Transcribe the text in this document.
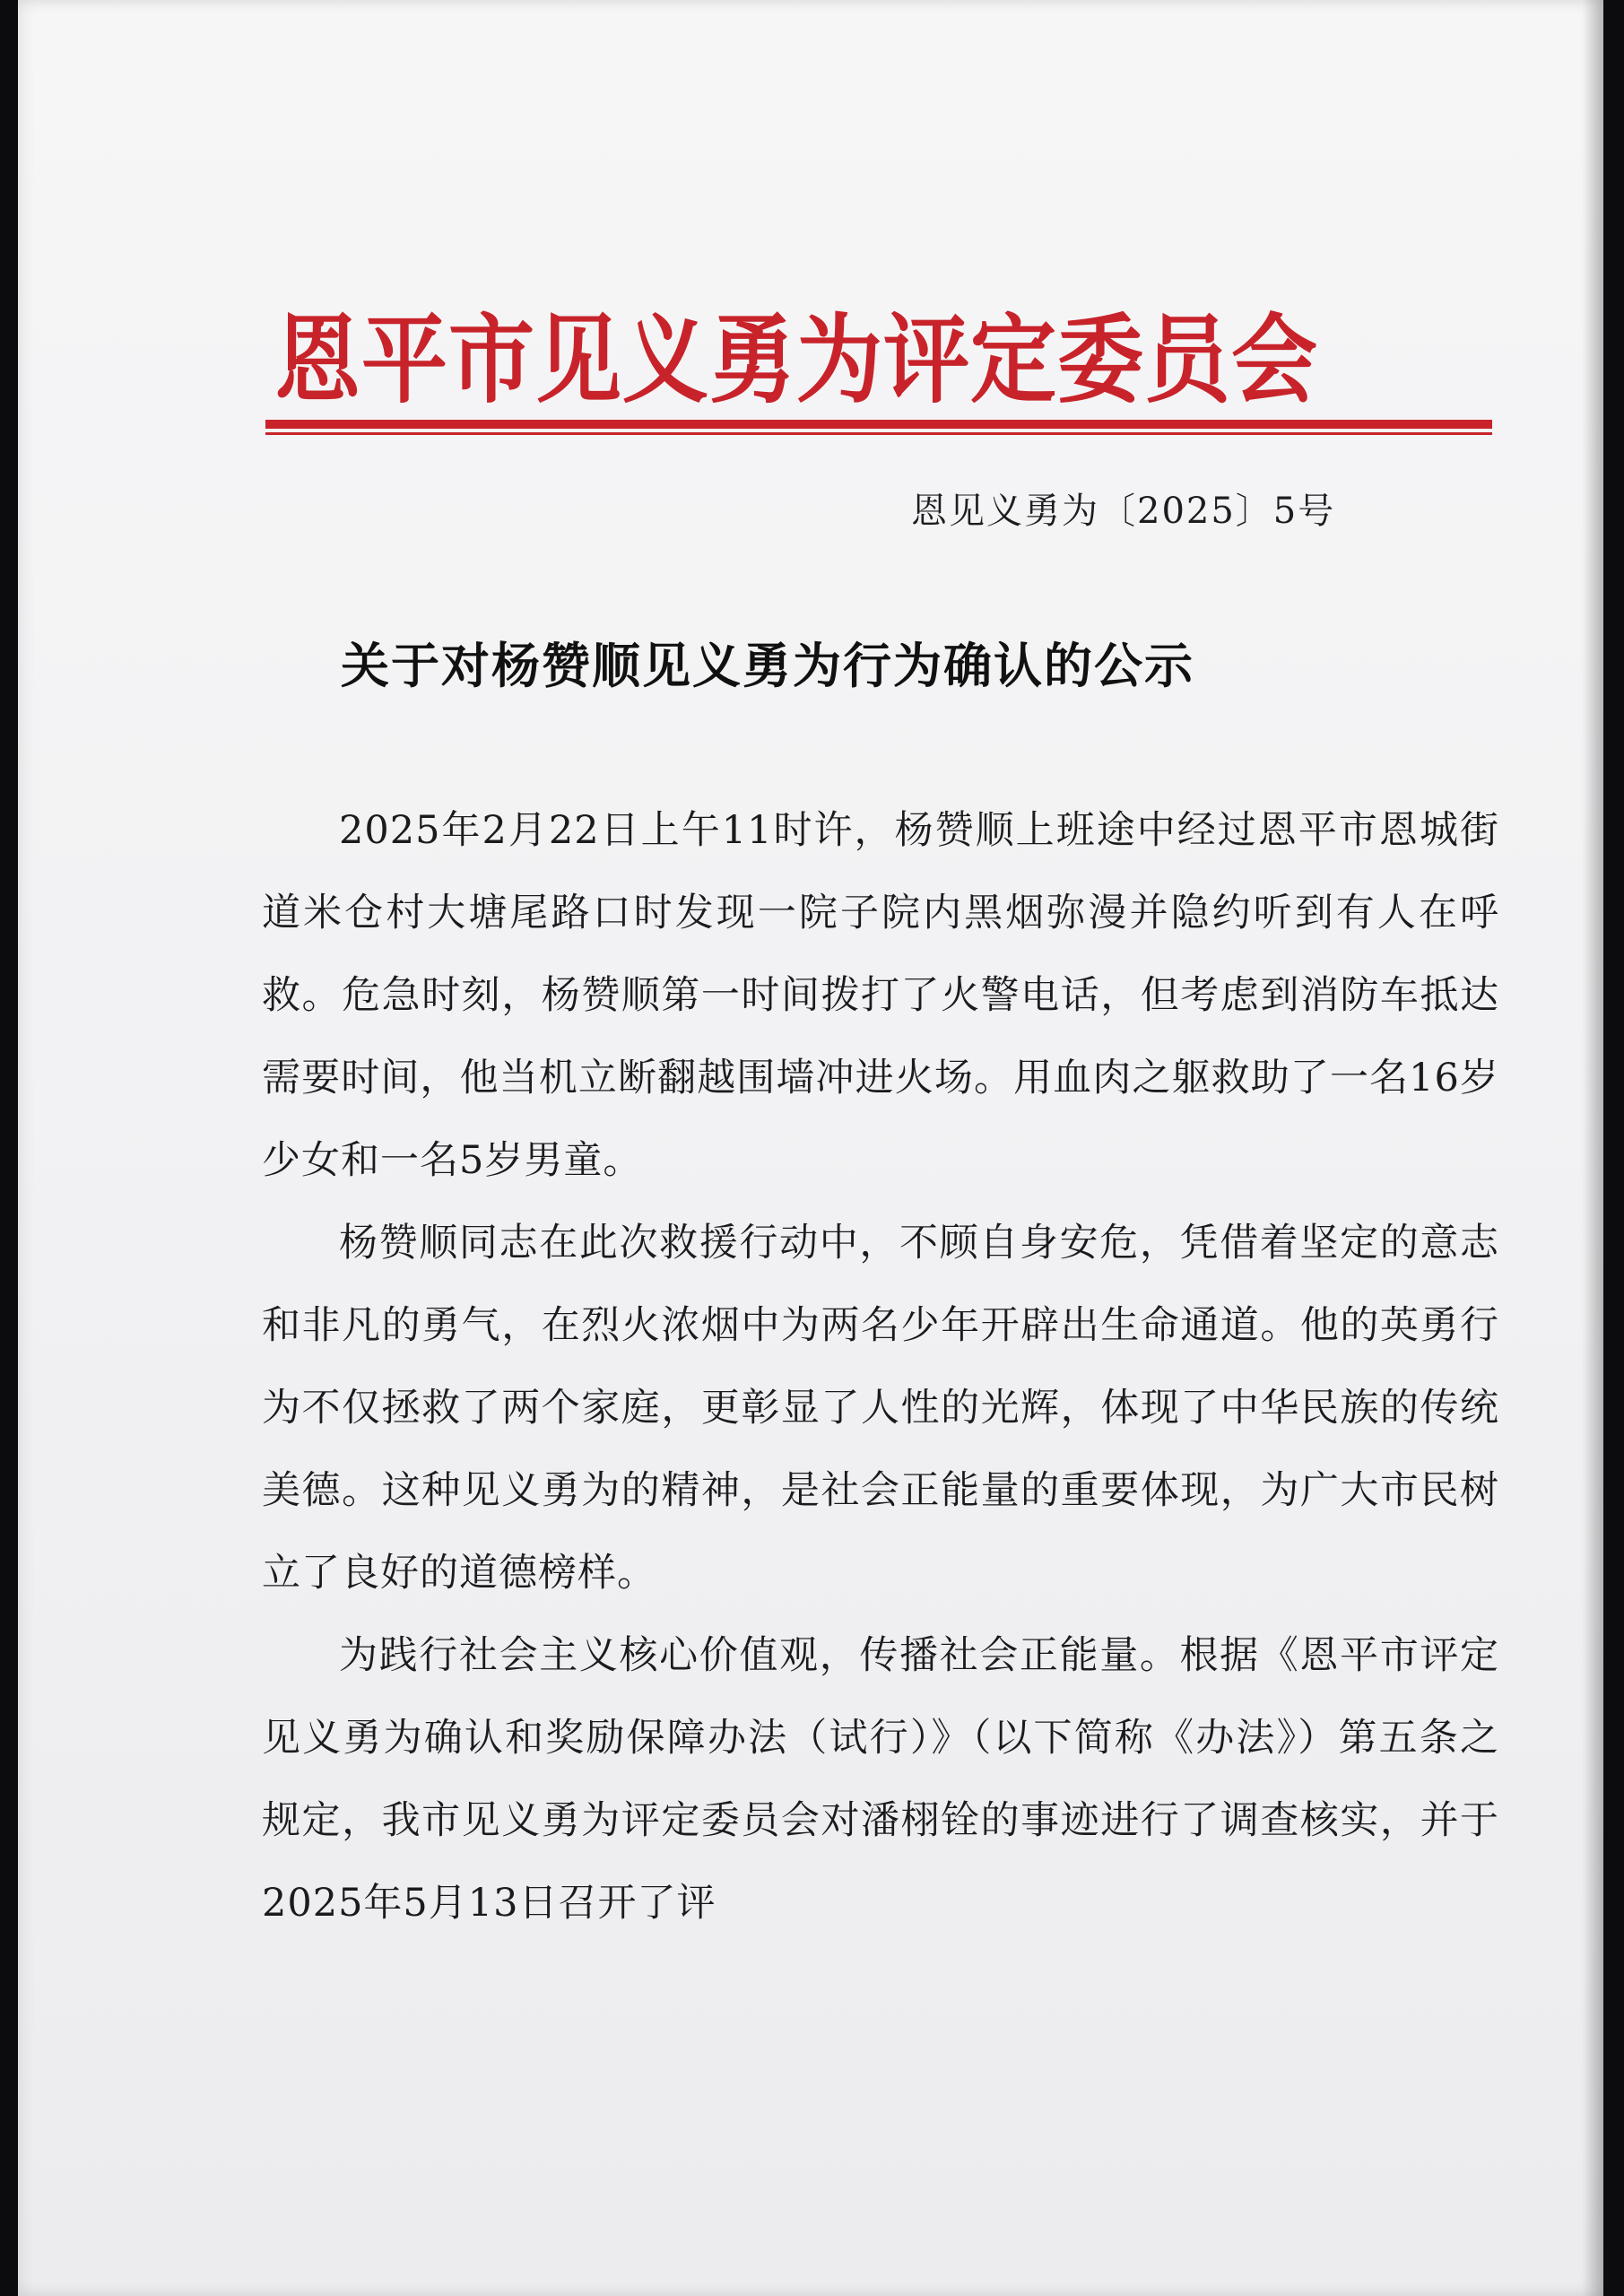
恩平市见义勇为评定委员会
恩见义勇为〔2025〕5号
关于对杨赞顺见义勇为行为确认的公示

2025年2月22日上午11时许，杨赞顺上班途中经过恩平市恩城街道米仓村大塘尾路口时发现一院子院内黑烟弥漫并隐约听到有人在呼救。危急时刻，杨赞顺第一时间拨打了火警电话，但考虑到消防车抵达需要时间，他当机立断翻越围墙冲进火场。用血肉之躯救助了一名16岁少女和一名5岁男童。

杨赞顺同志在此次救援行动中，不顾自身安危，凭借着坚定的意志和非凡的勇气，在烈火浓烟中为两名少年开辟出生命通道。他的英勇行为不仅拯救了两个家庭，更彰显了人性的光辉，体现了中华民族的传统美德。这种见义勇为的精神，是社会正能量的重要体现，为广大市民树立了良好的道德榜样。

为践行社会主义核心价值观，传播社会正能量。根据《恩平市评定见义勇为确认和奖励保障办法（试行）》（以下简称《办法》）第五条之规定，我市见义勇为评定委员会对潘栩铨的事迹进行了调查核实，并于2025年5月13日召开了评
